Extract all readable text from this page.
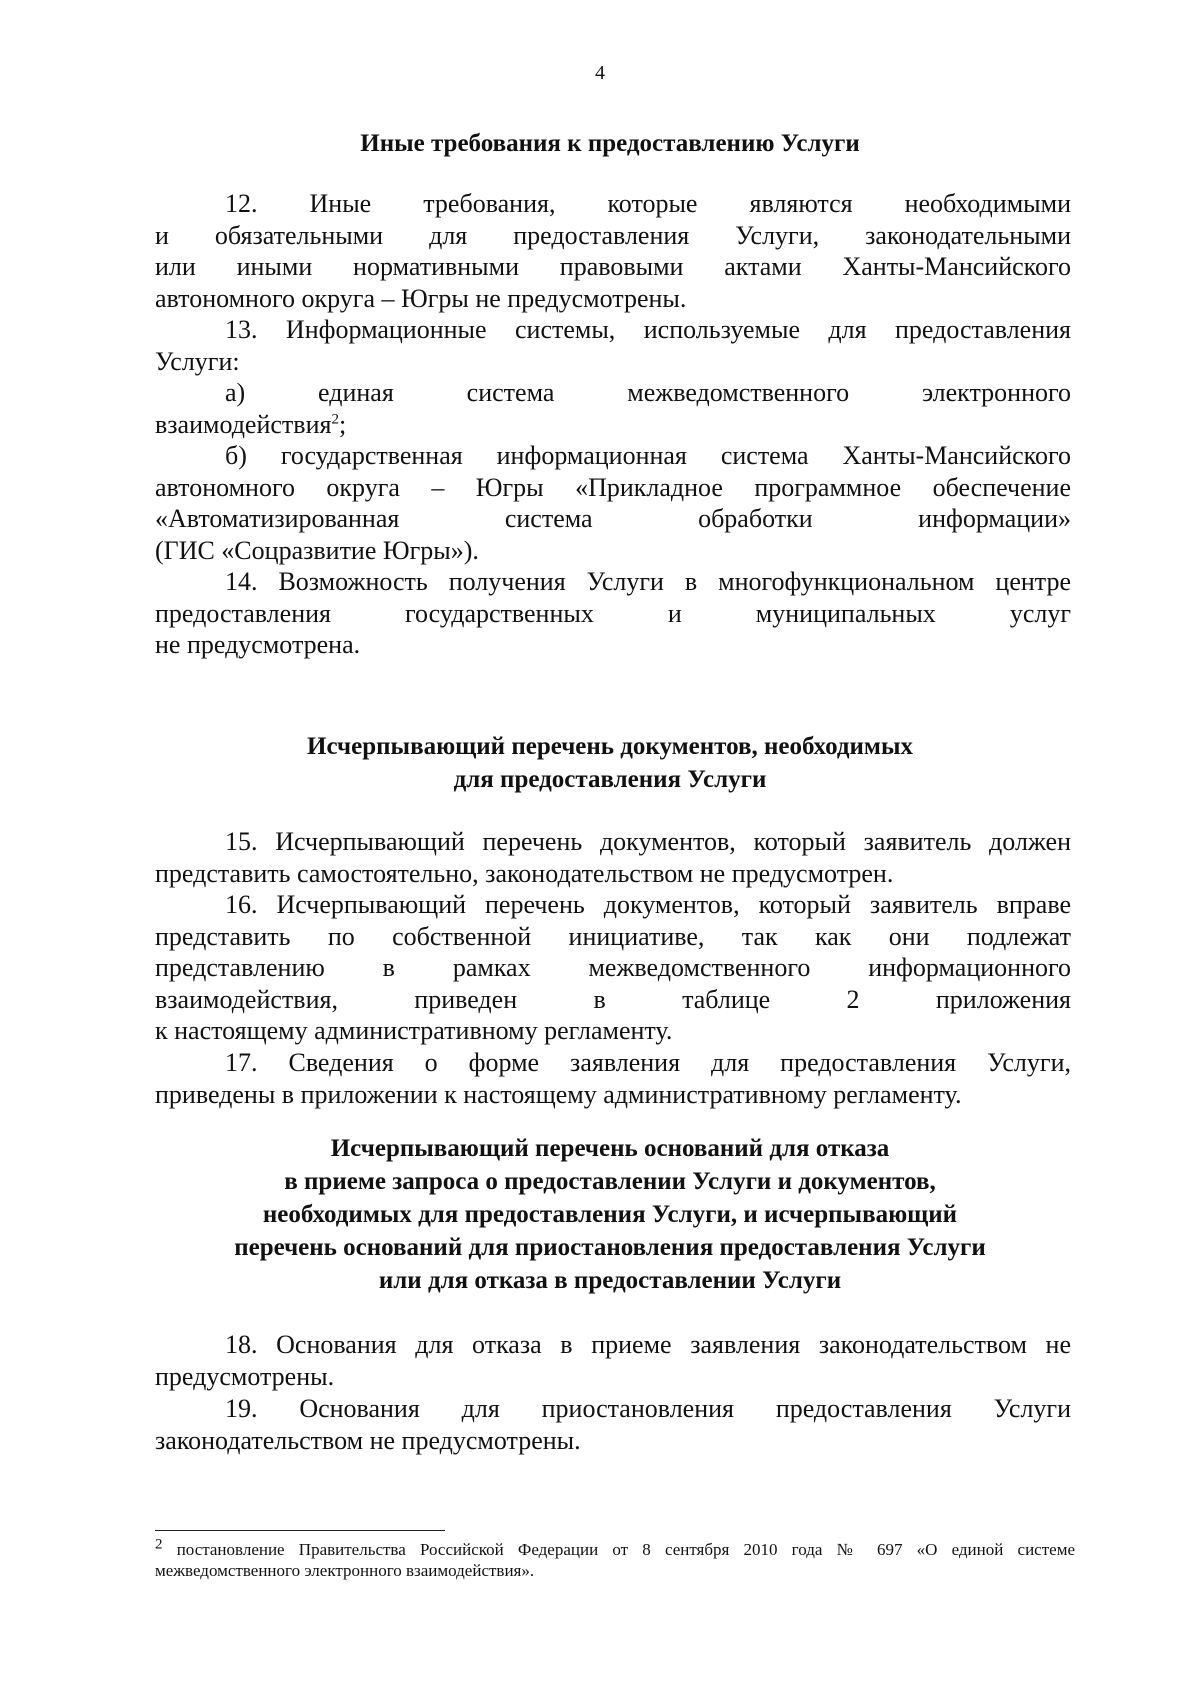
4
Иные требования к предоставлению Услуги
12. Иные требования, которые являются необходимыми
и обязательными для предоставления Услуги, законодательными
или иными нормативными правовыми актами Ханты-Мансийского
автономного округа – Югры не предусмотрены.
13. Информационные системы, используемые для предоставления
Услуги:
а) единая система межведомственного электронного
взаимодействия$^2$;
б) государственная информационная система Ханты-Мансийского
автономного округа – Югры «Прикладное программное обеспечение
«Автоматизированная система обработки информации»
(ГИС «Соцразвитие Югры»).
14. Возможность получения Услуги в многофункциональном центре
предоставления государственных и муниципальных услуг
не предусмотрена.
Исчерпывающий перечень документов, необходимых
для предоставления Услуги
15. Исчерпывающий перечень документов, который заявитель должен
представить самостоятельно, законодательством не предусмотрен.
16. Исчерпывающий перечень документов, который заявитель вправе
представить по собственной инициативе, так как они подлежат
представлению в рамках межведомственного информационного
взаимодействия, приведен в таблице 2 приложения
к настоящему административному регламенту.
17. Сведения о форме заявления для предоставления Услуги,
приведены в приложении к настоящему административному регламенту.
Исчерпывающий перечень оснований для отказа
в приеме запроса о предоставлении Услуги и документов,
необходимых для предоставления Услуги, и исчерпывающий
перечень оснований для приостановления предоставления Услуги
или для отказа в предоставлении Услуги
18. Основания для отказа в приеме заявления законодательством не
предусмотрены.
19. Основания для приостановления предоставления Услуги
законодательством не предусмотрены.
$^2$ постановление Правительства Российской Федерации от 8 сентября 2010 года № 697 «О единой системе
межведомственного электронного взаимодействия».
